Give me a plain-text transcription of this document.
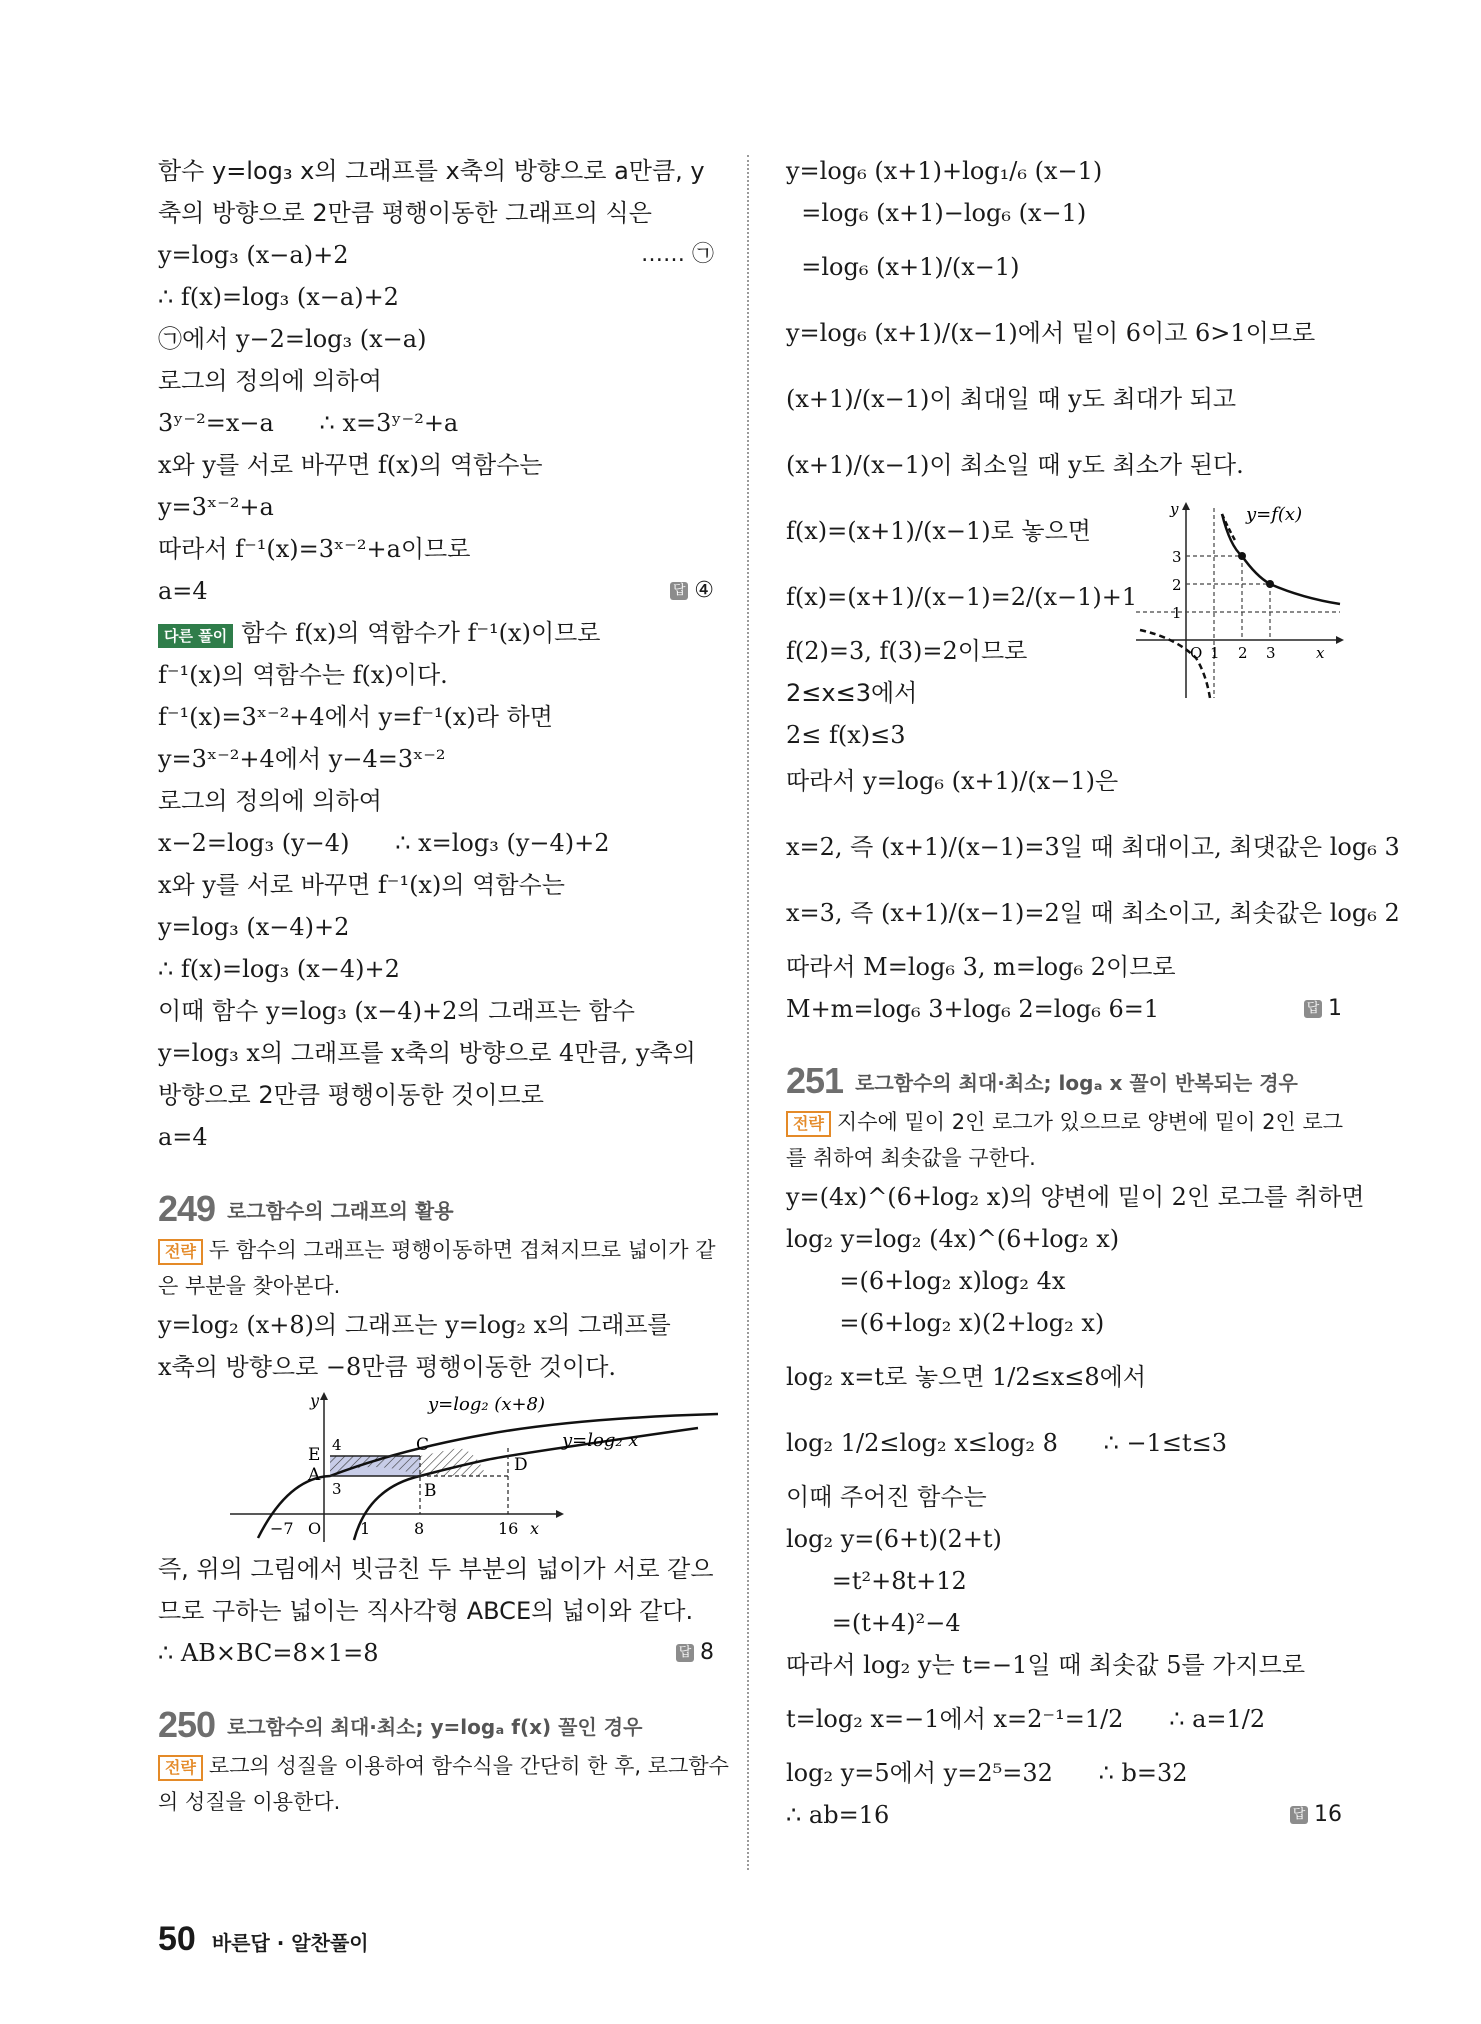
함수 y=log₃ x의 그래프를 x축의 방향으로 a만큼, y
축의 방향으로 2만큼 평행이동한 그래프의 식은
y=log₃ (x−a)+2	…… ㉠
∴ f(x)=log₃ (x−a)+2
㉠에서 y−2=log₃ (x−a)
로그의 정의에 의하여
3ʸ⁻²=x−a      ∴ x=3ʸ⁻²+a
x와 y를 서로 바꾸면 f(x)의 역함수는
y=3ˣ⁻²+a
따라서 f⁻¹(x)=3ˣ⁻²+a이므로
a=4	답 ④
다른 풀이 함수 f(x)의 역함수가 f⁻¹(x)이므로
f⁻¹(x)의 역함수는 f(x)이다.
f⁻¹(x)=3ˣ⁻²+4에서 y=f⁻¹(x)라 하면
y=3ˣ⁻²+4에서 y−4=3ˣ⁻²
로그의 정의에 의하여
x−2=log₃ (y−4)      ∴ x=log₃ (y−4)+2
x와 y를 서로 바꾸면 f⁻¹(x)의 역함수는
y=log₃ (x−4)+2
∴ f(x)=log₃ (x−4)+2
이때 함수 y=log₃ (x−4)+2의 그래프는 함수
y=log₃ x의 그래프를 x축의 방향으로 4만큼, y축의
방향으로 2만큼 평행이동한 것이므로
a=4
249 로그함수의 그래프의 활용
전략 두 함수의 그래프는 평행이동하면 겹쳐지므로 넓이가 같
은 부분을 찾아본다.
y=log₂ (x+8)의 그래프는 y=log₂ x의 그래프를
x축의 방향으로 −8만큼 평행이동한 것이다.
y=log₂ (x+8)
y=log₂ x
E 4	C
A	D
3	B
y
−7 O 1	8	16 x
즉, 위의 그림에서 빗금친 두 부분의 넓이가 서로 같으
므로 구하는 넓이는 직사각형 ABCE의 넓이와 같다.
∴ AB×BC=8×1=8	답 8
250 로그함수의 최대·최소; y=logₐ f(x) 꼴인 경우
전략 로그의 성질을 이용하여 함수식을 간단히 한 후, 로그함수
의 성질을 이용한다.
y=log₆ (x+1)+log₁/₆ (x−1)
=log₆ (x+1)−log₆ (x−1)
=log₆ (x+1)/(x−1)
y=log₆ (x+1)/(x−1)에서 밑이 6이고 6>1이므로
(x+1)/(x−1)이 최대일 때 y도 최대가 되고
(x+1)/(x−1)이 최소일 때 y도 최소가 된다.
f(x)=(x+1)/(x−1)로 놓으면
f(x)=(x+1)/(x−1)=2/(x−1)+1
f(2)=3, f(3)=2이므로
2≤x≤3에서
2≤ f(x)≤3
y=f(x)
y
3
2
1
O 1 2 3	x
따라서 y=log₆ (x+1)/(x−1)은
x=2, 즉 (x+1)/(x−1)=3일 때 최대이고, 최댓값은 log₆ 3
x=3, 즉 (x+1)/(x−1)=2일 때 최소이고, 최솟값은 log₆ 2
따라서 M=log₆ 3, m=log₆ 2이므로
M+m=log₆ 3+log₆ 2=log₆ 6=1	답 1
251 로그함수의 최대·최소; logₐ x 꼴이 반복되는 경우
전략 지수에 밑이 2인 로그가 있으므로 양변에 밑이 2인 로그
를 취하여 최솟값을 구한다.
y=(4x)^(6+log₂ x)의 양변에 밑이 2인 로그를 취하면
log₂ y=log₂ (4x)^(6+log₂ x)
=(6+log₂ x)log₂ 4x
=(6+log₂ x)(2+log₂ x)
log₂ x=t로 놓으면 1/2≤x≤8에서
log₂ 1/2≤log₂ x≤log₂ 8      ∴ −1≤t≤3
이때 주어진 함수는
log₂ y=(6+t)(2+t)
=t²+8t+12
=(t+4)²−4
따라서 log₂ y는 t=−1일 때 최솟값 5를 가지므로
t=log₂ x=−1에서 x=2⁻¹=1/2      ∴ a=1/2
log₂ y=5에서 y=2⁵=32      ∴ b=32
∴ ab=16	답 16
50 바른답 · 알찬풀이
